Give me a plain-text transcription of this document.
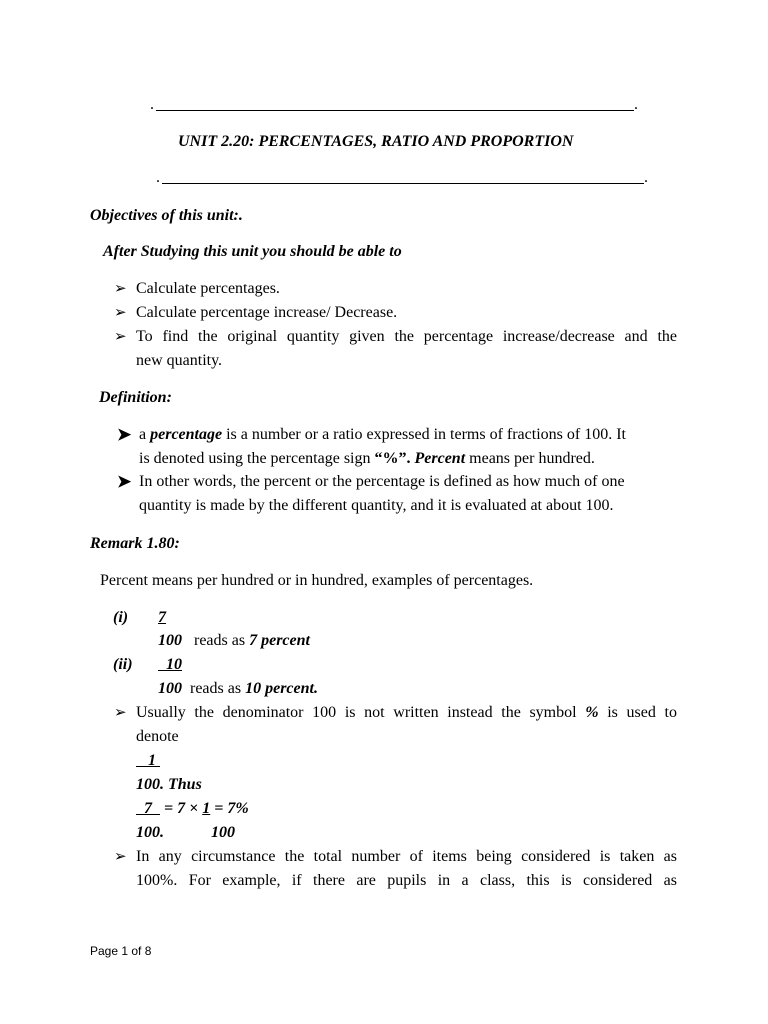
.	.
UNIT 2.20: PERCENTAGES, RATIO AND PROPORTION
.	.
Objectives of this unit:.
After Studying this unit you should be able to
➢ Calculate percentages.
➢ Calculate percentage increase/ Decrease.
➢ To find the original quantity given the percentage increase/decrease and the
new quantity.
Definition:
➤ a percentage is a number or a ratio expressed in terms of fractions of 100. It
is denoted using the percentage sign “%”. Percent means per hundred.
➤ In other words, the percent or the percentage is defined as how much of one
quantity is made by the different quantity, and it is evaluated at about 100.
Remark 1.80:
Percent means per hundred or in hundred, examples of percentages.
(i) 7
100 reads as 7 percent
(ii)	10
100 reads as 10 percent.
➢ Usually the denominator 100 is not written instead the symbol % is used to
denote
1
100. Thus
7   = 7 × 1 = 7%
100.	100
➢ In any circumstance the total number of items being considered is taken as
100%. For example, if there are pupils in a class, this is considered as
Page 1 of 8
